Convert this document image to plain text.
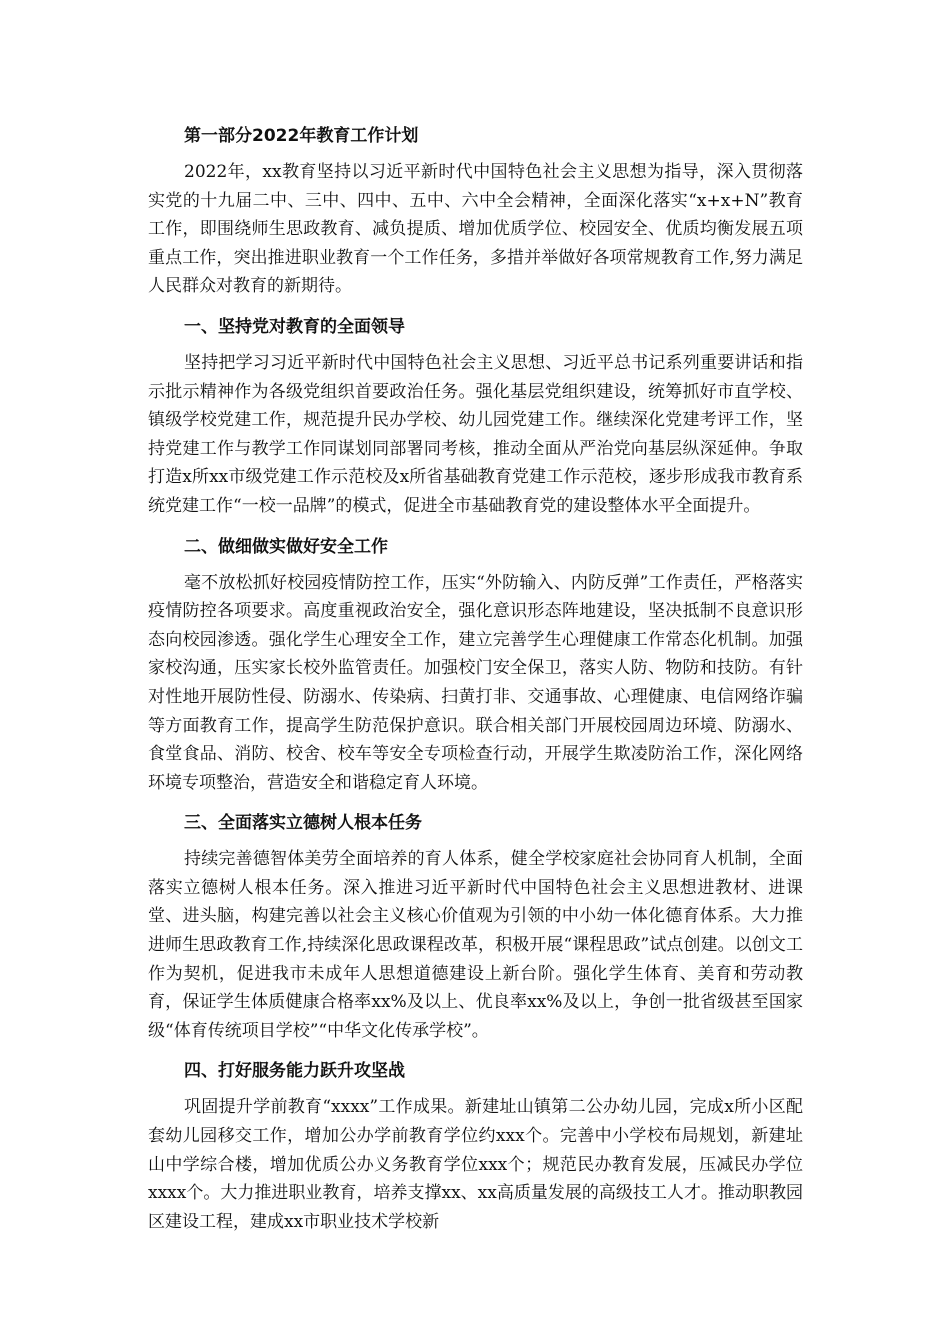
第一部分2022年教育工作计划

2022年，xx教育坚持以习近平新时代中国特色社会主义思想为指导，深入贯彻落实党的十九届二中、三中、四中、五中、六中全会精神，全面深化落实“x+x+N”教育工作，即围绕师生思政教育、减负提质、增加优质学位、校园安全、优质均衡发展五项重点工作，突出推进职业教育一个工作任务，多措并举做好各项常规教育工作,努力满足人民群众对教育的新期待。

一、坚持党对教育的全面领导

坚持把学习习近平新时代中国特色社会主义思想、习近平总书记系列重要讲话和指示批示精神作为各级党组织首要政治任务。强化基层党组织建设，统筹抓好市直学校、镇级学校党建工作，规范提升民办学校、幼儿园党建工作。继续深化党建考评工作，坚持党建工作与教学工作同谋划同部署同考核，推动全面从严治党向基层纵深延伸。争取打造x所xx市级党建工作示范校及x所省基础教育党建工作示范校，逐步形成我市教育系统党建工作“一校一品牌”的模式，促进全市基础教育党的建设整体水平全面提升。

二、做细做实做好安全工作

毫不放松抓好校园疫情防控工作，压实“外防输入、内防反弹”工作责任，严格落实疫情防控各项要求。高度重视政治安全，强化意识形态阵地建设，坚决抵制不良意识形态向校园渗透。强化学生心理安全工作，建立完善学生心理健康工作常态化机制。加强家校沟通，压实家长校外监管责任。加强校门安全保卫，落实人防、物防和技防。有针对性地开展防性侵、防溺水、传染病、扫黄打非、交通事故、心理健康、电信网络诈骗等方面教育工作，提高学生防范保护意识。联合相关部门开展校园周边环境、防溺水、食堂食品、消防、校舍、校车等安全专项检查行动，开展学生欺凌防治工作，深化网络环境专项整治，营造安全和谐稳定育人环境。

三、全面落实立德树人根本任务

持续完善德智体美劳全面培养的育人体系，健全学校家庭社会协同育人机制，全面落实立德树人根本任务。深入推进习近平新时代中国特色社会主义思想进教材、进课堂、进头脑，构建完善以社会主义核心价值观为引领的中小幼一体化德育体系。大力推进师生思政教育工作,持续深化思政课程改革，积极开展“课程思政”试点创建。以创文工作为契机，促进我市未成年人思想道德建设上新台阶。强化学生体育、美育和劳动教育，保证学生体质健康合格率xx%及以上、优良率xx%及以上，争创一批省级甚至国家级“体育传统项目学校”“中华文化传承学校”。

四、打好服务能力跃升攻坚战

巩固提升学前教育“xxxx”工作成果。新建址山镇第二公办幼儿园，完成x所小区配套幼儿园移交工作，增加公办学前教育学位约xxx个。完善中小学校布局规划，新建址山中学综合楼，增加优质公办义务教育学位xxx个；规范民办教育发展，压减民办学位xxxx个。大力推进职业教育，培养支撑xx、xx高质量发展的高级技工人才。推动职教园区建设工程，建成xx市职业技术学校新
